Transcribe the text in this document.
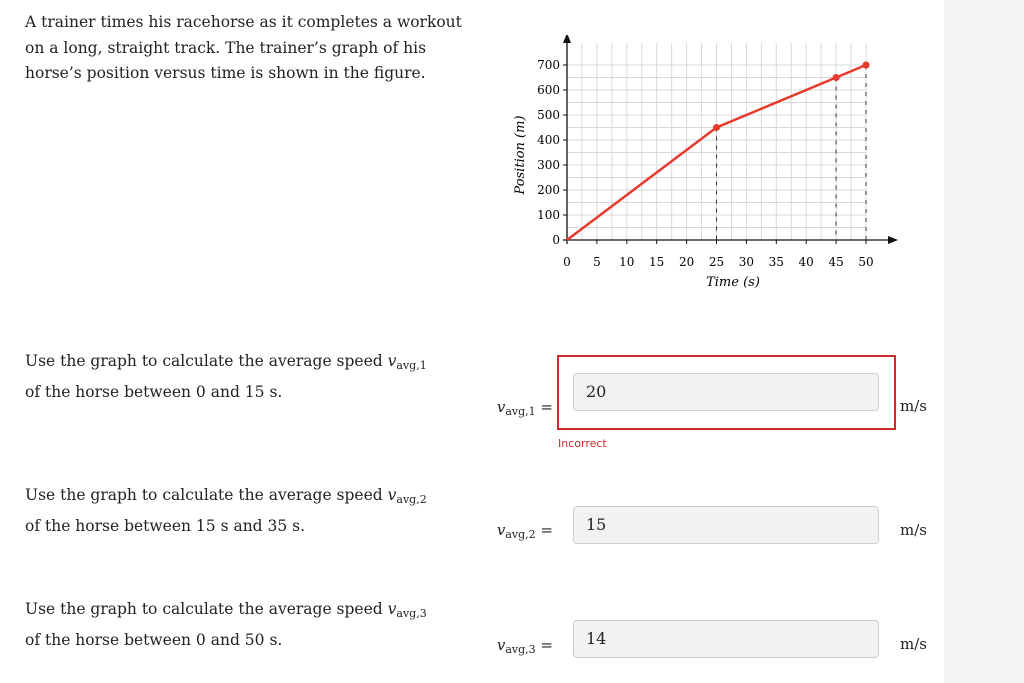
A trainer times his racehorse as it completes a workout on a long, straight track. The trainer’s graph of his horse’s position versus time is shown in the figure.
0
100
200
300
400
500
600
700
0 5 10 15 20 25 30 35 40 45 50
Time (s)
Position (m)
Use the graph to calculate the average speed $v_{avg,1}$ of the horse between 0 and 15 s.
$v_{avg,1}$ =
20
m/s
Incorrect
Use the graph to calculate the average speed $v_{avg,2}$ of the horse between 15 s and 35 s.	$v_{avg,2}$ =	15	m/s
Use the graph to calculate the average speed $v_{avg,3}$ of the horse between 0 and 50 s.	$v_{avg,3}$ =	14	m/s
